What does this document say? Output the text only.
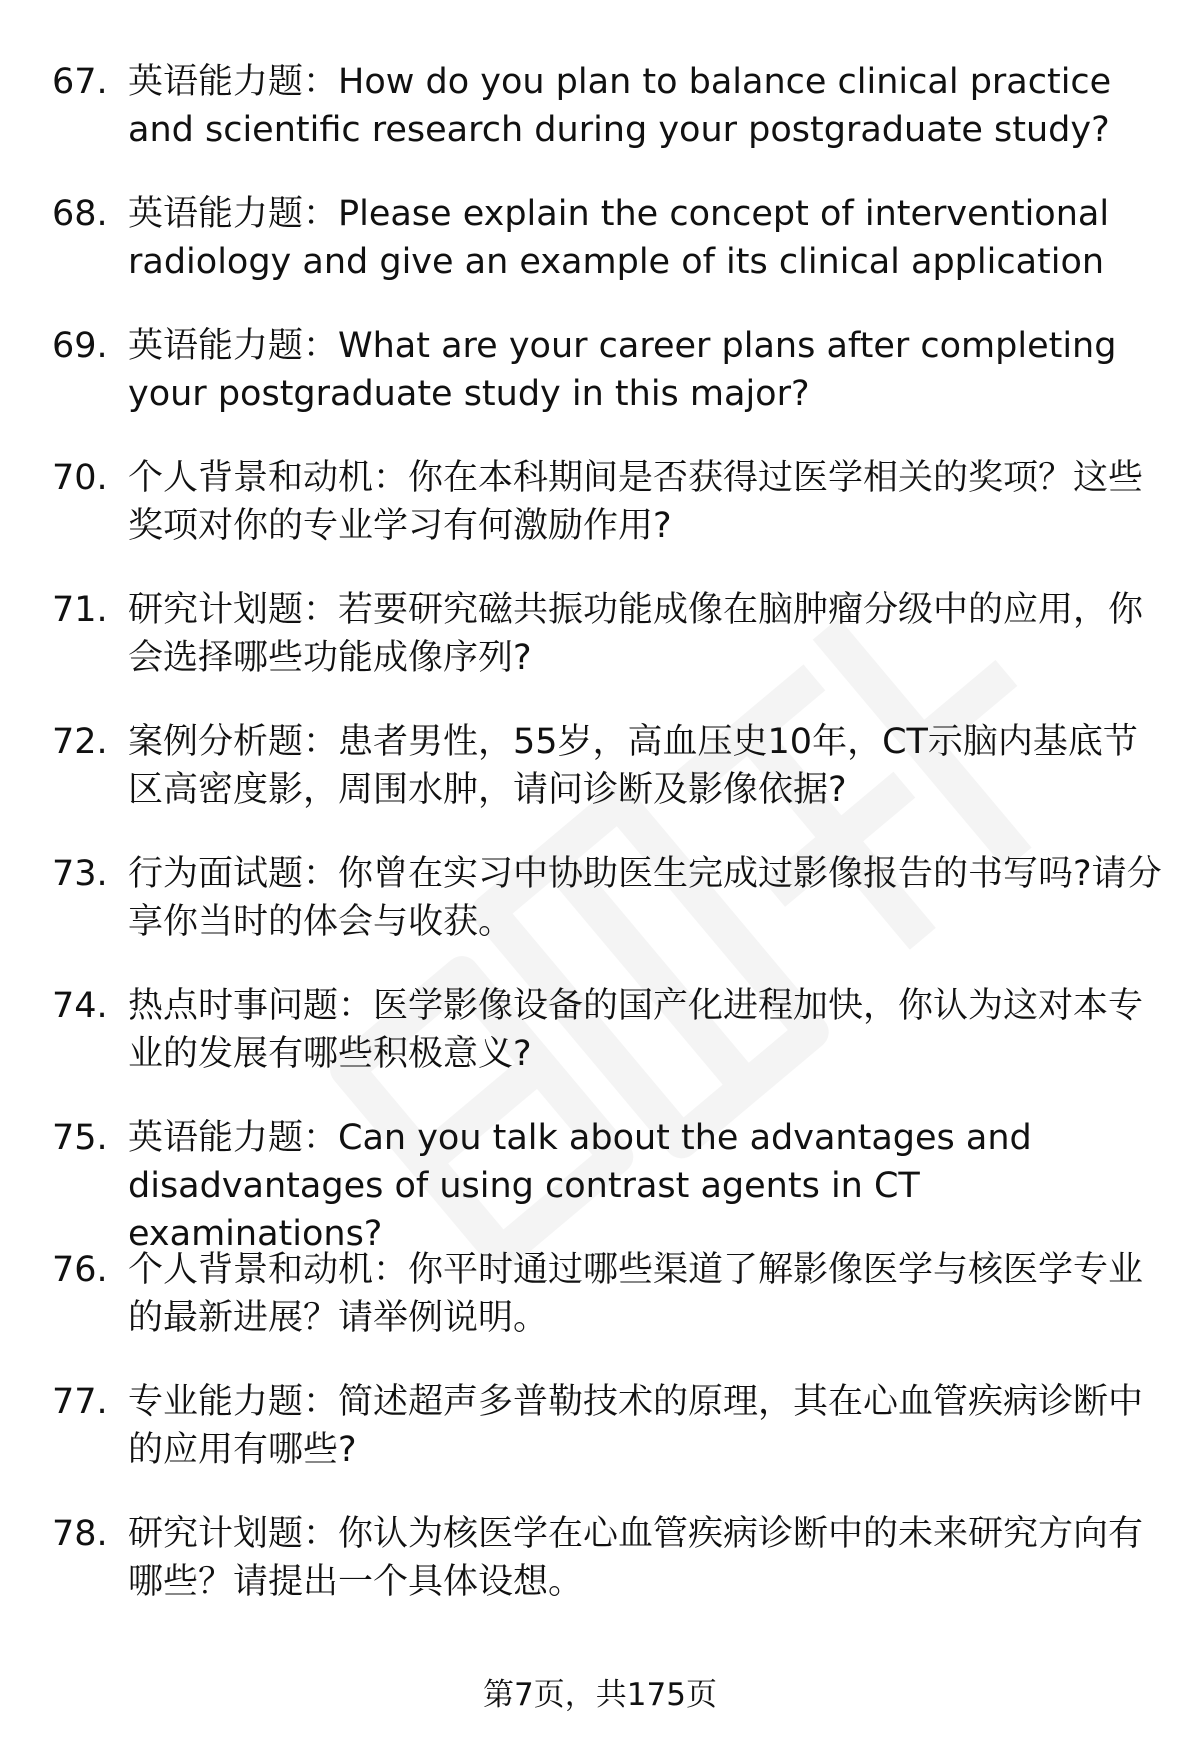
67. 英语能力题：How do you plan to balance clinical practice and scientific research during your postgraduate study?
68. 英语能力题：Please explain the concept of interventional radiology and give an example of its clinical application
69. 英语能力题：What are your career plans after completing your postgraduate study in this major?
70. 个人背景和动机：你在本科期间是否获得过医学相关的奖项？这些奖项对你的专业学习有何激励作用?
71. 研究计划题：若要研究磁共振功能成像在脑肿瘤分级中的应用，你会选择哪些功能成像序列?
72. 案例分析题：患者男性，55岁，高血压史10年，CT示脑内基底节区高密度影，周围水肿，请问诊断及影像依据?
73. 行为面试题：你曾在实习中协助医生完成过影像报告的书写吗?请分享你当时的体会与收获。
74. 热点时事问题：医学影像设备的国产化进程加快，你认为这对本专业的发展有哪些积极意义?
75. 英语能力题：Can you talk about the advantages and disadvantages of using contrast agents in CT examinations?
76. 个人背景和动机：你平时通过哪些渠道了解影像医学与核医学专业的最新进展？请举例说明。
77. 专业能力题：简述超声多普勒技术的原理，其在心血管疾病诊断中的应用有哪些?
78. 研究计划题：你认为核医学在心血管疾病诊断中的未来研究方向有哪些？请提出一个具体设想。
第7页，共175页
